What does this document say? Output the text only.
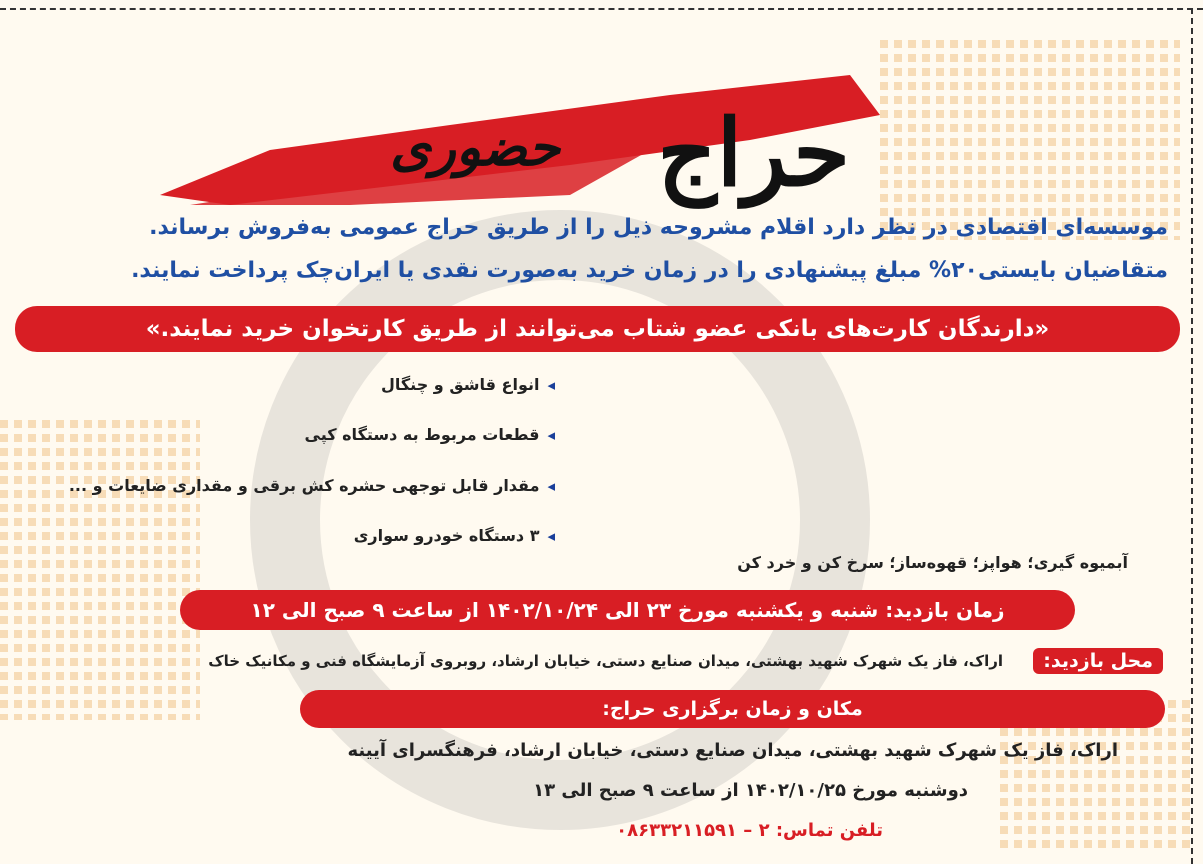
حضوری حراج
موسسه‌ای اقتصادی در نظر دارد اقلام مشروحه ذیل را از طریق حراج عمومی به‌فروش برساند.
متقاضیان بایستی۲۰% مبلغ پیشنهادی را در زمان خرید به‌صورت نقدی یا ایران‌چک پرداخت نمایند.
«دارندگان کارت‌های بانکی عضو شتاب می‌توانند از طریق کارتخوان خرید نمایند.»
آبمیوه گیری؛ هواپز؛ قهوه‌ساز؛ سرخ کن و خرد کن
◂
انواع قاشق و چنگال
◂
قطعات مربوط به دستگاه کپی
◂
مقدار قابل توجهی حشره کش برقی و مقداری ضایعات و ...
◂
۳ دستگاه خودرو سواری
زمان بازدید: شنبه و یکشنبه مورخ ۲۳ الی ۱۴۰۲/۱۰/۲۴ از ساعت ۹ صبح الی ۱۲
محل بازدید:
اراک، فاز یک شهرک شهید بهشتی، میدان صنایع دستی، خیابان ارشاد، روبروی آزمایشگاه فنی و مکانیک خاک
مکان و زمان برگزاری حراج:
اراک، فاز یک شهرک شهید بهشتی، میدان صنایع دستی، خیابان ارشاد، فرهنگسرای آیینه
دوشنبه مورخ ۱۴۰۲/۱۰/۲۵ از ساعت ۹ صبح الی ۱۳
تلفن تماس: ۲ – ۰۸۶۳۳۲۱۱۵۹۱
